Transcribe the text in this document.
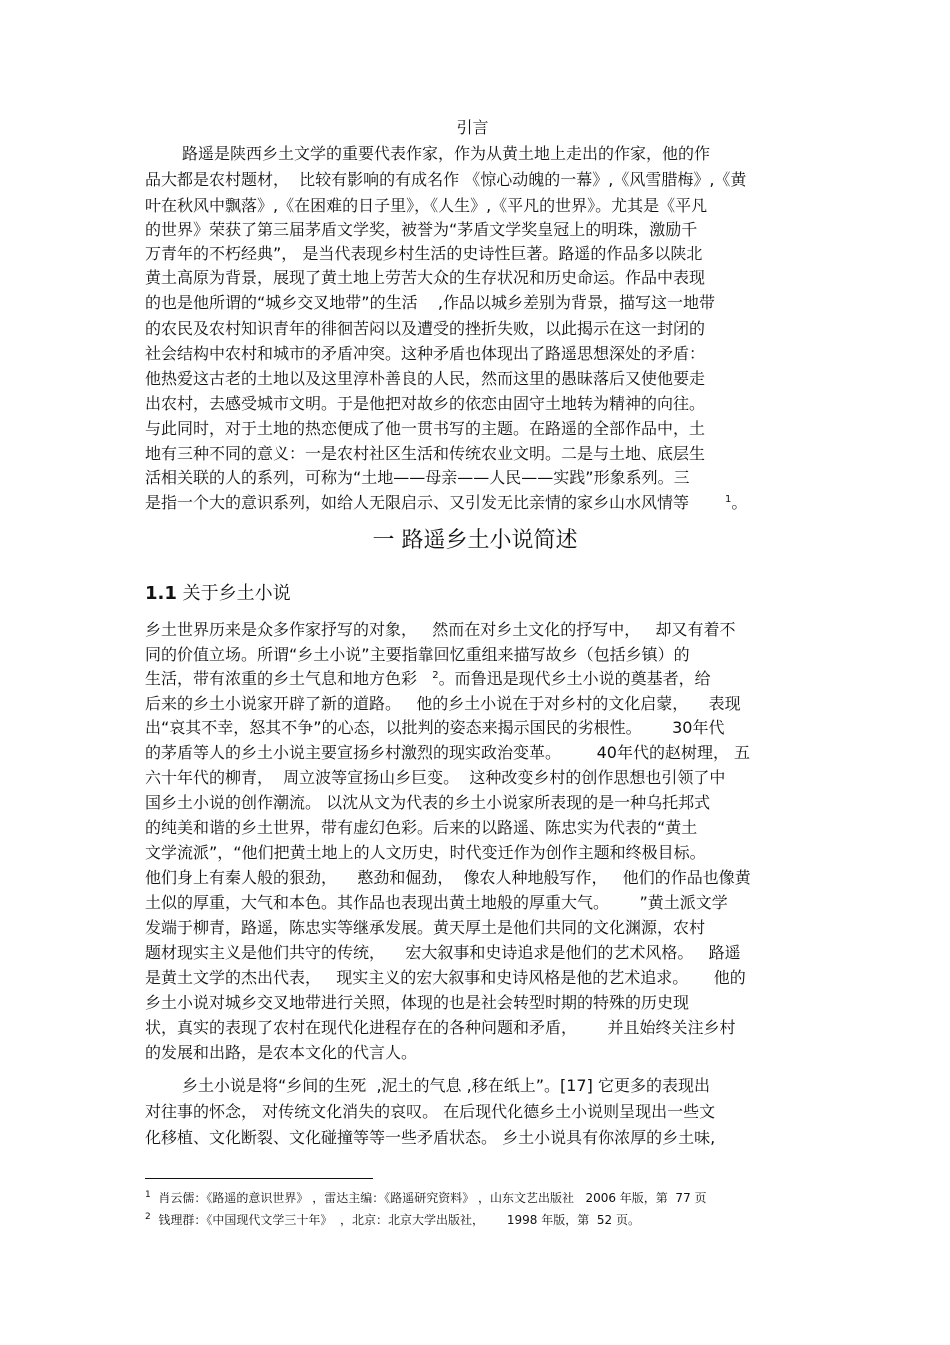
引言

路遥是陕西乡土文学的重要代表作家，作为从黄土地上走出的作家，他的作

品大都是农村题材，  比较有影响的有成名作 《惊心动魄的一幕》,《风雪腊梅》,《黄

叶在秋风中飘落》,《在困难的日子里》，《人生》,《平凡的世界》。尤其是《平凡

的世界》荣获了第三届茅盾文学奖，被誉为“茅盾文学奖皇冠上的明珠，激励千

万青年的不朽经典”， 是当代表现乡村生活的史诗性巨著。路遥的作品多以陕北

黄土高原为背景，展现了黄土地上劳苦大众的生存状况和历史命运。作品中表现

的也是他所谓的“城乡交叉地带”的生活    ,作品以城乡差别为背景，描写这一地带

的农民及农村知识青年的徘徊苦闷以及遭受的挫折失败，以此揭示在这一封闭的

社会结构中农村和城市的矛盾冲突。这种矛盾也体现出了路遥思想深处的矛盾：

他热爱这古老的土地以及这里淳朴善良的人民，然而这里的愚昧落后又使他要走

出农村，去感受城市文明。于是他把对故乡的依恋由固守土地转为精神的向往。

与此同时，对于土地的热恋便成了他一贯书写的主题。在路遥的全部作品中，土

地有三种不同的意义：一是农村社区生活和传统农业文明。二是与土地、底层生

活相关联的人的系列，可称为“土地——母亲——人民——实践”形象系列。三

是指一个大的意识系列，如给人无限启示、又引发无比亲情的家乡山水风情等	$^1$。

一 路遥乡土小说简述

1.1 关于乡土小说

乡土世界历来是众多作家抒写的对象，   然而在对乡土文化的抒写中，   却又有着不

同的价值立场。所谓“乡土小说”主要指靠回忆重组来描写故乡（包括乡镇）的

生活，带有浓重的乡土气息和地方色彩   $^2$。而鲁迅是现代乡土小说的奠基者，给

后来的乡土小说家开辟了新的道路。   他的乡土小说在于对乡村的文化启蒙，    表现

出“哀其不幸，怒其不争”的心态，以批判的姿态来揭示国民的劣根性。      30年代

的茅盾等人的乡土小说主要宣扬乡村激烈的现实政治变革。       40年代的赵树理， 五

六十年代的柳青，  周立波等宣扬山乡巨变。  这种改变乡村的创作思想也引领了中

国乡土小说的创作潮流。 以沈从文为代表的乡土小说家所表现的是一种乌托邦式

的纯美和谐的乡土世界，带有虚幻色彩。后来的以路遥、陈忠实为代表的“黄土

文学流派”，“他们把黄土地上的人文历史，时代变迁作为创作主题和终极目标。

他们身上有秦人般的狠劲，    憨劲和倔劲，  像农人种地般写作，   他们的作品也像黄

土似的厚重，大气和本色。其作品也表现出黄土地般的厚重大气。      ”黄土派文学

发端于柳青，路遥，陈忠实等继承发展。黄天厚土是他们共同的文化渊源，农村

题材现实主义是他们共守的传统，    宏大叙事和史诗追求是他们的艺术风格。   路遥

是黄土文学的杰出代表，   现实主义的宏大叙事和史诗风格是他的艺术追求。     他的

乡土小说对城乡交叉地带进行关照，体现的也是社会转型时期的特殊的历史现

状，真实的表现了农村在现代化进程存在的各种问题和矛盾，      并且始终关注乡村

的发展和出路，是农本文化的代言人。

乡土小说是将“乡间的生死  ,泥土的气息 ,移在纸上”。[17] 它更多的表现出

对往事的怀念， 对传统文化消失的哀叹。 在后现代化德乡土小说则呈现出一些文

化移植、文化断裂、文化碰撞等等一些矛盾状态。 乡土小说具有你浓厚的乡土味,

$^1$ 肖云儒：《路遥的意识世界》 ，雷达主编：《路遥研究资料》 ，山东文艺出版社   2006 年版，第  77 页

$^2$ 钱理群：《中国现代文学三十年》  ，北京：北京大学出版社，      1998 年版，第  52 页。
